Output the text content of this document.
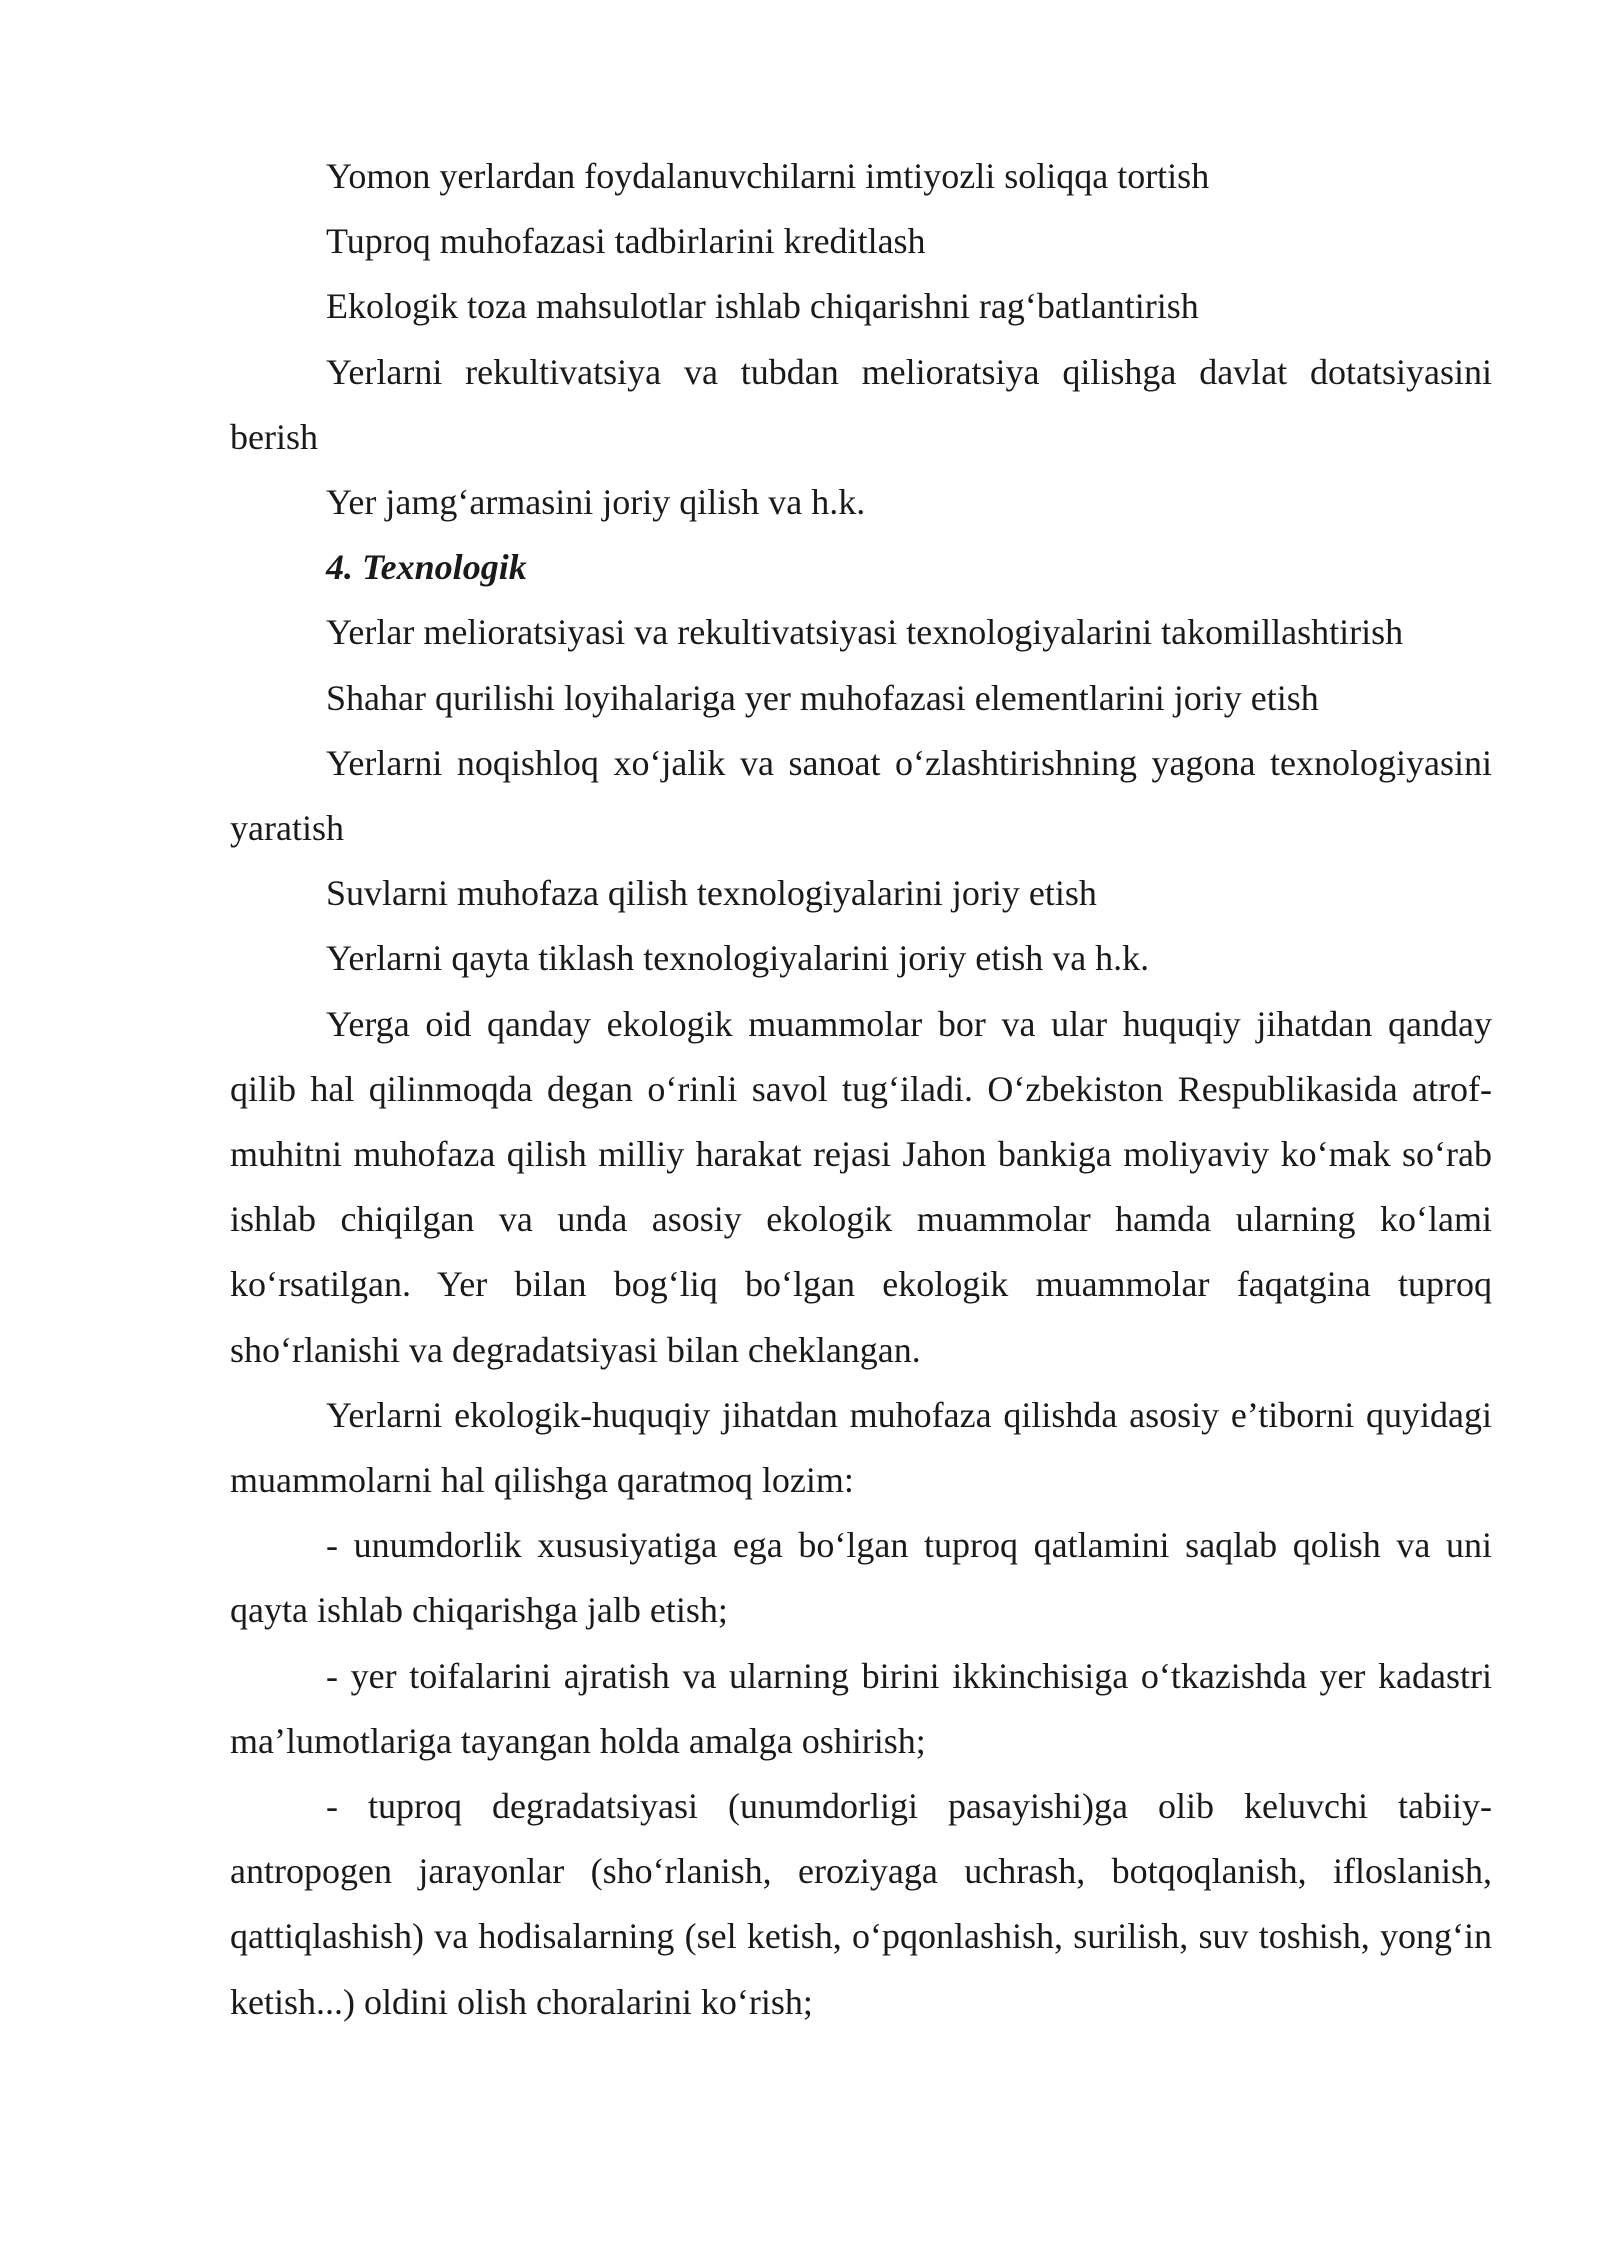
Yomon yerlardan foydalanuvchilarni imtiyozli soliqqa tortish

Tuproq muhofazasi tadbirlarini kreditlash

Ekologik toza mahsulotlar ishlab chiqarishni rag‘batlantirish

Yerlarni rekultivatsiya va tubdan melioratsiya qilishga davlat dotatsiyasini berish

Yer jamg‘armasini joriy qilish va h.k.

4. Texnologik

Yerlar melioratsiyasi va rekultivatsiyasi texnologiyalarini takomillashtirish

Shahar qurilishi loyihalariga yer muhofazasi elementlarini joriy etish

Yerlarni noqishloq xo‘jalik va sanoat o‘zlashtirishning yagona texnologiyasini yaratish

Suvlarni muhofaza qilish texnologiyalarini joriy etish

Yerlarni qayta tiklash texnologiyalarini joriy etish va h.k.

Yerga oid qanday ekologik muammolar bor va ular huquqiy jihatdan qanday qilib hal qilinmoqda degan o‘rinli savol tug‘iladi. O‘zbekiston Respublikasida atrof-muhitni muhofaza qilish milliy harakat rejasi Jahon bankiga moliyaviy ko‘mak so‘rab ishlab chiqilgan va unda asosiy ekologik muammolar hamda ularning ko‘lami ko‘rsatilgan. Yer bilan bog‘liq bo‘lgan ekologik muammolar faqatgina tuproq sho‘rlanishi va degradatsiyasi bilan cheklangan.

Yerlarni ekologik-huquqiy jihatdan muhofaza qilishda asosiy e’tiborni quyidagi muammolarni hal qilishga qaratmoq lozim:

- unumdorlik xususiyatiga ega bo‘lgan tuproq qatlamini saqlab qolish va uni qayta ishlab chiqarishga jalb etish;

- yer toifalarini ajratish va ularning birini ikkinchisiga o‘tkazishda yer kadastri ma’lumotlariga tayangan holda amalga oshirish;

- tuproq degradatsiyasi (unumdorligi pasayishi)ga olib keluvchi tabiiy-antropogen jarayonlar (sho‘rlanish, eroziyaga uchrash, botqoqlanish, ifloslanish, qattiqlashish) va hodisalarning (sel ketish, o‘pqonlashish, surilish, suv toshish, yong‘in ketish...) oldini olish choralarini ko‘rish;
